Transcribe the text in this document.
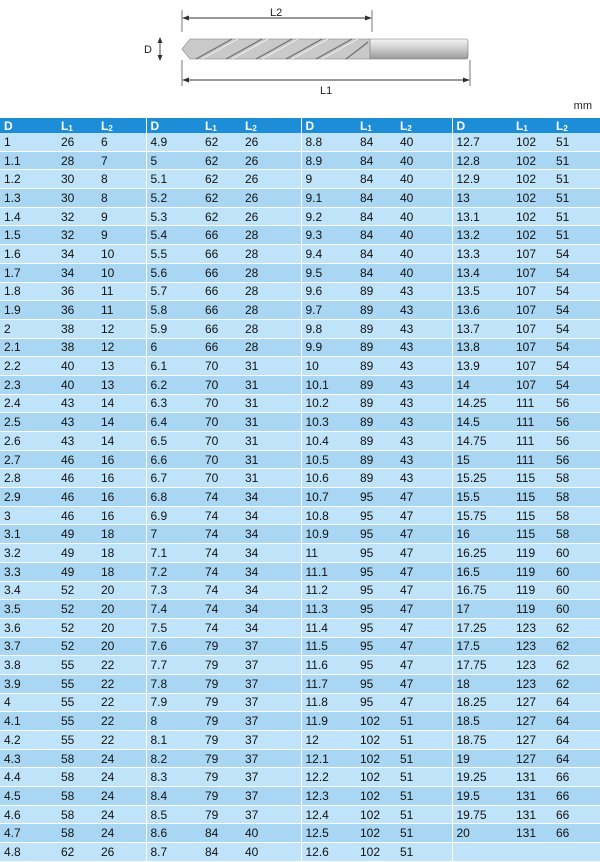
L2
L1
D
mm
D	$L_1$	$L_2$	D	$L_1$	$L_2$	D	$L_1$	$L_2$	D	$L_1$	$L_2$
1	26	6	4.9	62	26	8.8	84	40	12.7	102	51
1.1	28	7	5	62	26	8.9	84	40	12.8	102	51
1.2	30	8	5.1	62	26	9	84	40	12.9	102	51
1.3	30	8	5.2	62	26	9.1	84	40	13	102	51
1.4	32	9	5.3	62	26	9.2	84	40	13.1	102	51
1.5	32	9	5.4	66	28	9.3	84	40	13.2	102	51
1.6	34	10	5.5	66	28	9.4	84	40	13.3	107	54
1.7	34	10	5.6	66	28	9.5	84	40	13.4	107	54
1.8	36	11	5.7	66	28	9.6	89	43	13.5	107	54
1.9	36	11	5.8	66	28	9.7	89	43	13.6	107	54
2	38	12	5.9	66	28	9.8	89	43	13.7	107	54
2.1	38	12	6	66	28	9.9	89	43	13.8	107	54
2.2	40	13	6.1	70	31	10	89	43	13.9	107	54
2.3	40	13	6.2	70	31	10.1	89	43	14	107	54
2.4	43	14	6.3	70	31	10.2	89	43	14.25	111	56
2.5	43	14	6.4	70	31	10.3	89	43	14.5	111	56
2.6	43	14	6.5	70	31	10.4	89	43	14.75	111	56
2.7	46	16	6.6	70	31	10.5	89	43	15	111	56
2.8	46	16	6.7	70	31	10.6	89	43	15.25	115	58
2.9	46	16	6.8	74	34	10.7	95	47	15.5	115	58
3	46	16	6.9	74	34	10.8	95	47	15.75	115	58
3.1	49	18	7	74	34	10.9	95	47	16	115	58
3.2	49	18	7.1	74	34	11	95	47	16.25	119	60
3.3	49	18	7.2	74	34	11.1	95	47	16.5	119	60
3.4	52	20	7.3	74	34	11.2	95	47	16.75	119	60
3.5	52	20	7.4	74	34	11.3	95	47	17	119	60
3.6	52	20	7.5	74	34	11.4	95	47	17.25	123	62
3.7	52	20	7.6	79	37	11.5	95	47	17.5	123	62
3.8	55	22	7.7	79	37	11.6	95	47	17.75	123	62
3.9	55	22	7.8	79	37	11.7	95	47	18	123	62
4	55	22	7.9	79	37	11.8	95	47	18.25	127	64
4.1	55	22	8	79	37	11.9	102	51	18.5	127	64
4.2	55	22	8.1	79	37	12	102	51	18.75	127	64
4.3	58	24	8.2	79	37	12.1	102	51	19	127	64
4.4	58	24	8.3	79	37	12.2	102	51	19.25	131	66
4.5	58	24	8.4	79	37	12.3	102	51	19.5	131	66
4.6	58	24	8.5	79	37	12.4	102	51	19.75	131	66
4.7	58	24	8.6	84	40	12.5	102	51	20	131	66
4.8	62	26	8.7	84	40	12.6	102	51			
